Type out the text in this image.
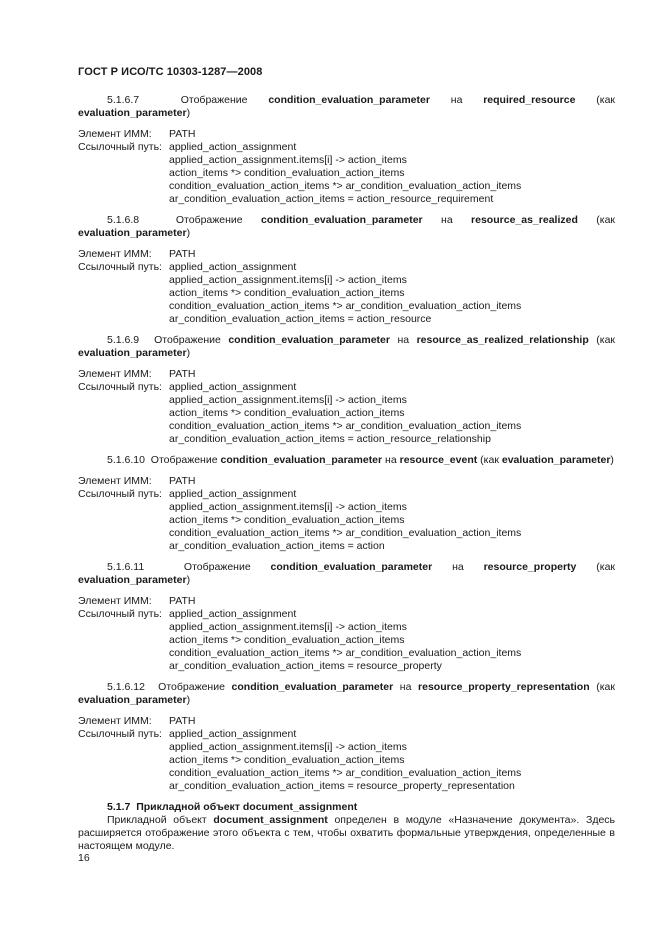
ГОСТ Р ИСО/ТС 10303-1287—2008
5.1.6.7	Отображение condition_evaluation_parameter на required_resource (как evaluation_parameter)
Элемент ИММ: PATH
Ссылочный путь: applied_action_assignment
applied_action_assignment.items[i] -> action_items
action_items *> condition_evaluation_action_items
condition_evaluation_action_items *> ar_condition_evaluation_action_items
ar_condition_evaluation_action_items = action_resource_requirement
5.1.6.8	Отображение condition_evaluation_parameter на resource_as_realized (как evaluation_parameter)
Элемент ИММ: PATH
Ссылочный путь: applied_action_assignment
applied_action_assignment.items[i] -> action_items
action_items *> condition_evaluation_action_items
condition_evaluation_action_items *> ar_condition_evaluation_action_items
ar_condition_evaluation_action_items = action_resource
5.1.6.9 Отображение condition_evaluation_parameter на resource_as_realized_relationship (как evaluation_parameter)
Элемент ИММ: PATH
Ссылочный путь: applied_action_assignment
applied_action_assignment.items[i] -> action_items
action_items *> condition_evaluation_action_items
condition_evaluation_action_items *> ar_condition_evaluation_action_items
ar_condition_evaluation_action_items = action_resource_relationship
5.1.6.10 Отображение condition_evaluation_parameter на resource_event (как evaluation_parameter)
Элемент ИММ: PATH
Ссылочный путь: applied_action_assignment
applied_action_assignment.items[i] -> action_items
action_items *> condition_evaluation_action_items
condition_evaluation_action_items *> ar_condition_evaluation_action_items
ar_condition_evaluation_action_items = action
5.1.6.11	Отображение condition_evaluation_parameter на resource_property (как evaluation_parameter)
Элемент ИММ: PATH
Ссылочный путь: applied_action_assignment
applied_action_assignment.items[i] -> action_items
action_items *> condition_evaluation_action_items
condition_evaluation_action_items *> ar_condition_evaluation_action_items
ar_condition_evaluation_action_items = resource_property
5.1.6.12 Отображение condition_evaluation_parameter на resource_property_representation (как evaluation_parameter)
Элемент ИММ: PATH
Ссылочный путь: applied_action_assignment
applied_action_assignment.items[i] -> action_items
action_items *> condition_evaluation_action_items
condition_evaluation_action_items *> ar_condition_evaluation_action_items
ar_condition_evaluation_action_items = resource_property_representation
5.1.7 Прикладной объект document_assignment
Прикладной объект document_assignment определен в модуле «Назначение документа». Здесь расширяется отображение этого объекта с тем, чтобы охватить формальные утверждения, определенные в настоящем модуле.
16
